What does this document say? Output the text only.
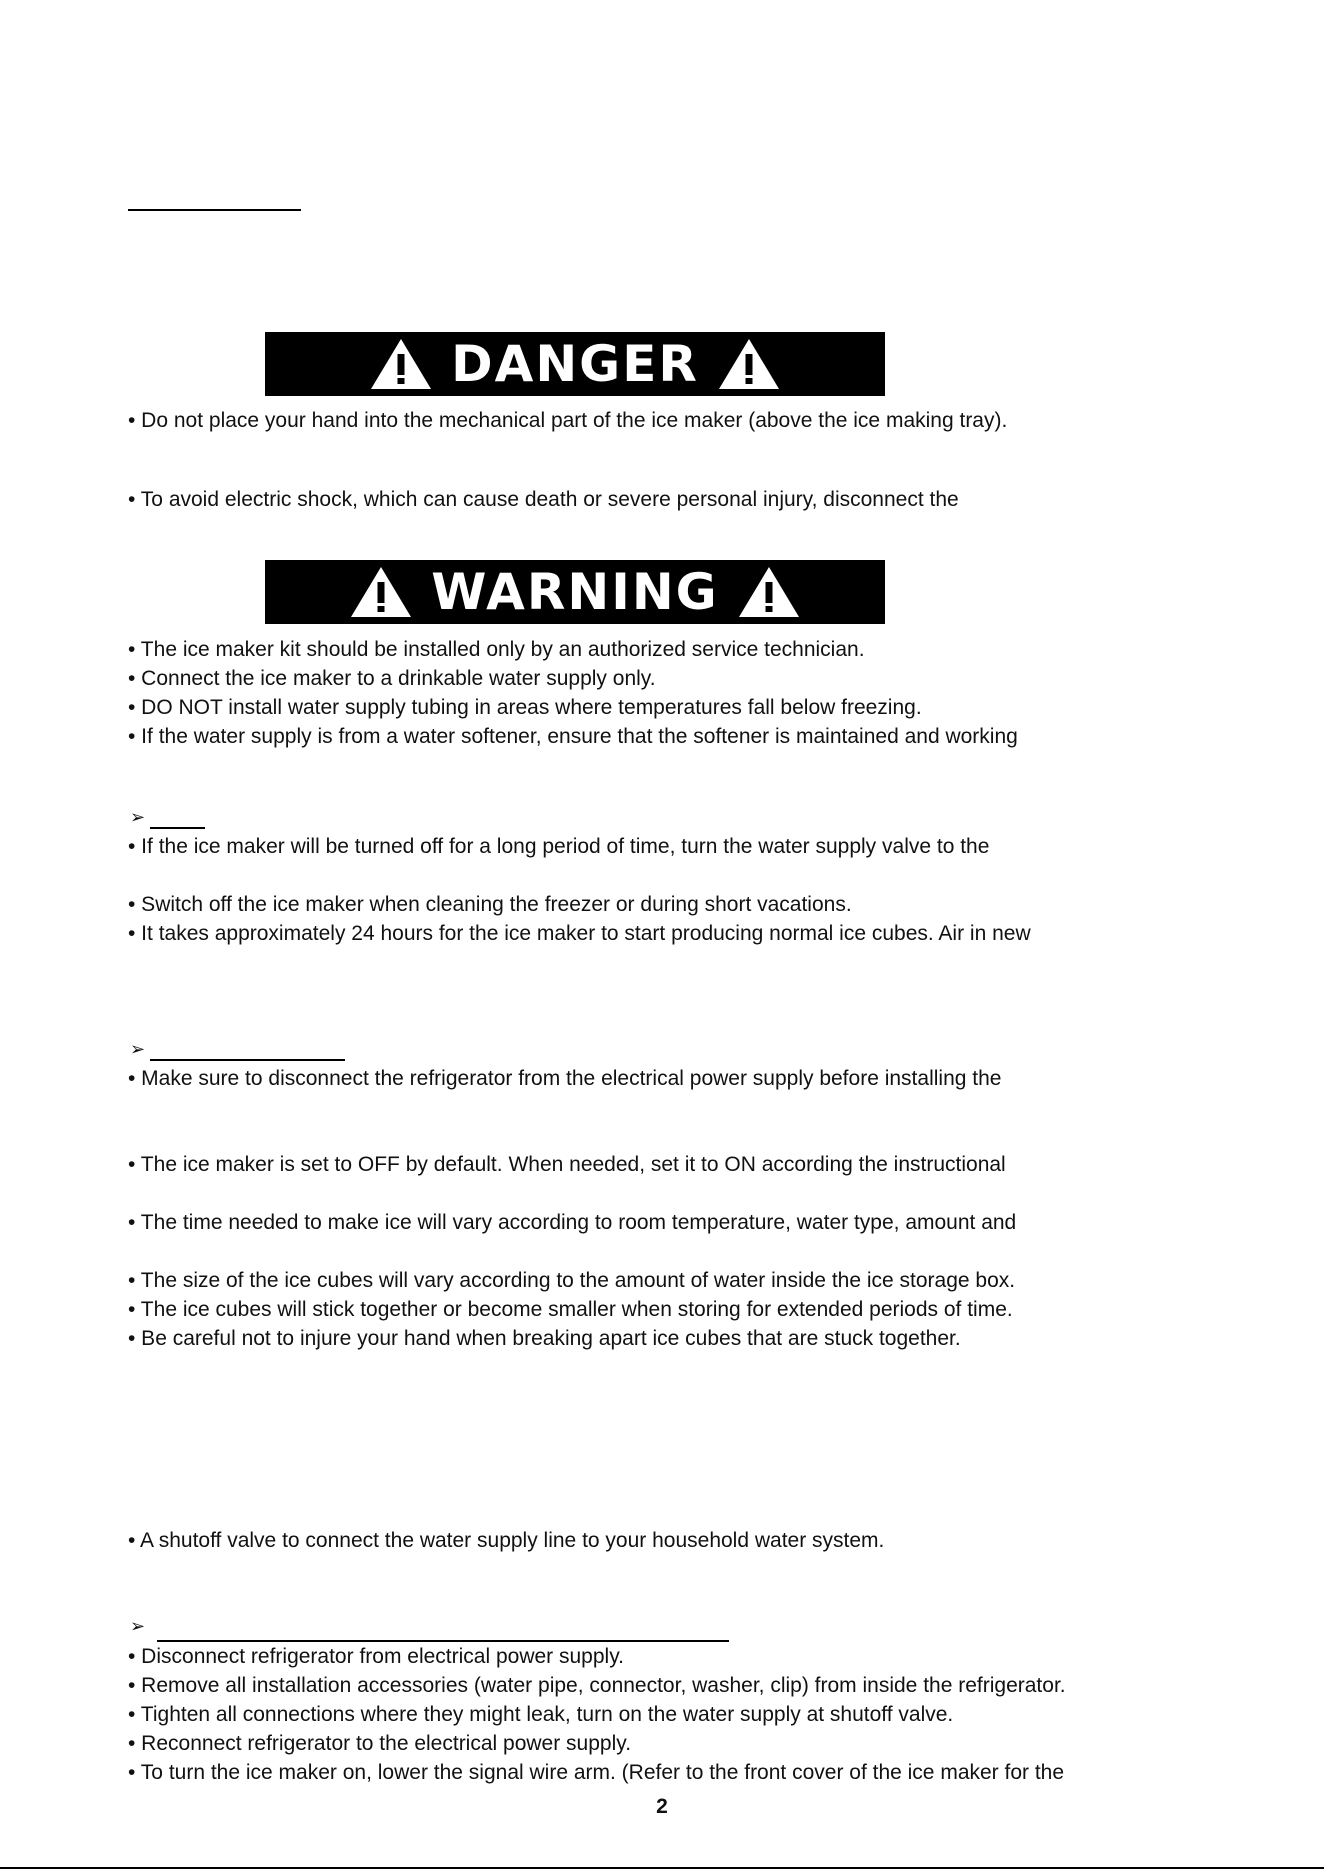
DANGER
• Do not place your hand into the mechanical part of the ice maker (above the ice making tray).
• To avoid electric shock, which can cause death or severe personal injury, disconnect the
WARNING
• The ice maker kit should be installed only by an authorized service technician.
• Connect the ice maker to a drinkable water supply only.
• DO NOT install water supply tubing in areas where temperatures fall below freezing.
• If the water supply is from a water softener, ensure that the softener is maintained and working
➢
• If the ice maker will be turned off for a long period of time, turn the water supply valve to the
• Switch off the ice maker when cleaning the freezer or during short vacations.
• It takes approximately 24 hours for the ice maker to start producing normal ice cubes. Air in new
➢
• Make sure to disconnect the refrigerator from the electrical power supply before installing the
• The ice maker is set to OFF by default. When needed, set it to ON according the instructional
• The time needed to make ice will vary according to room temperature, water type, amount and
• The size of the ice cubes will vary according to the amount of water inside the ice storage box.
• The ice cubes will stick together or become smaller when storing for extended periods of time.
• Be careful not to injure your hand when breaking apart ice cubes that are stuck together.
• A shutoff valve to connect the water supply line to your household water system.
➢
• Disconnect refrigerator from electrical power supply.
• Remove all installation accessories (water pipe, connector, washer, clip) from inside the refrigerator.
• Tighten all connections where they might leak, turn on the water supply at shutoff valve.
• Reconnect refrigerator to the electrical power supply.
• To turn the ice maker on, lower the signal wire arm. (Refer to the front cover of the ice maker for the
2
